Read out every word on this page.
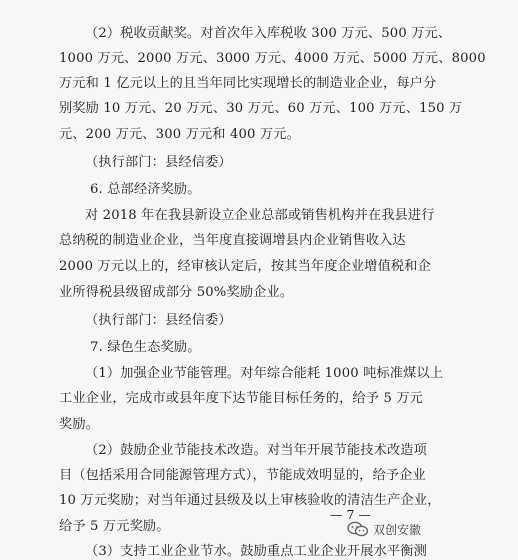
（2）税收贡献奖。对首次年入库税收 300 万元、500 万元、
1000 万元、2000 万元、3000 万元、4000 万元、5000 万元、8000
万元和 1 亿元以上的且当年同比实现增长的制造业企业，每户分
别奖励 10 万元、20 万元、30 万元、60 万元、100 万元、150 万
元、200 万元、300 万元和 400 万元。
（执行部门：县经信委）
6. 总部经济奖励。
对 2018 年在我县新设立企业总部或销售机构并在我县进行
总纳税的制造业企业，当年度直接调增县内企业销售收入达
2000 万元以上的，经审核认定后，按其当年度企业增值税和企
业所得税县级留成部分 50%奖励企业。
（执行部门：县经信委）
7. 绿色生态奖励。
（1）加强企业节能管理。对年综合能耗 1000 吨标准煤以上
工业企业，完成市或县年度下达节能目标任务的，给予 5 万元
奖励。
（2）鼓励企业节能技术改造。对当年开展节能技术改造项
目（包括采用合同能源管理方式），节能成效明显的，给予企业
10 万元奖励；对当年通过县级及以上审核验收的清洁生产企业，
给予 5 万元奖励。
（3）支持工业企业节水。鼓励重点工业企业开展水平衡测
— 7 —
双创安徽
